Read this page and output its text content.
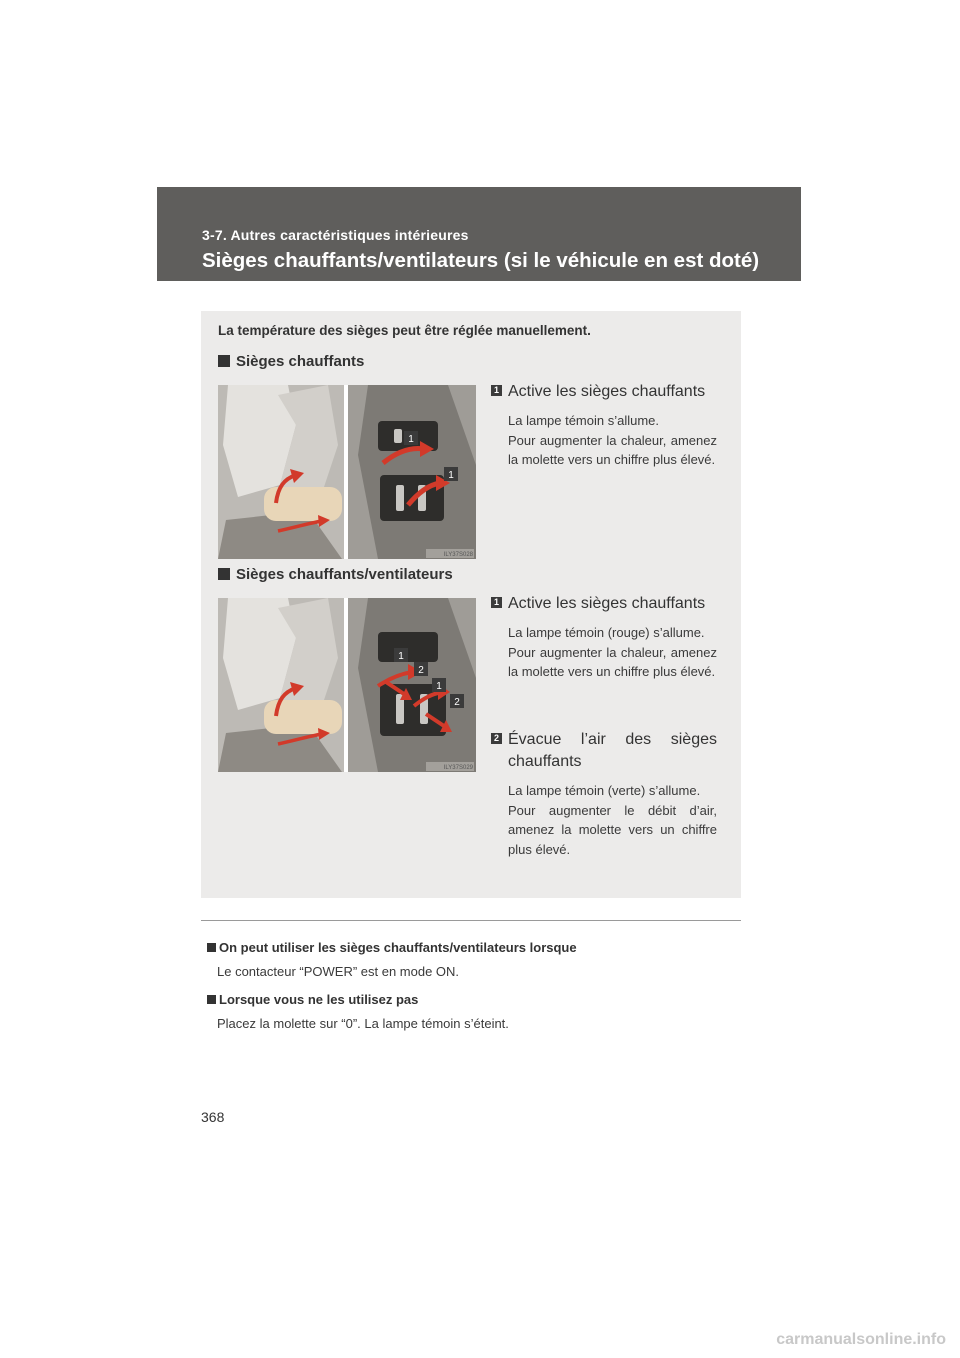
3-7. Autres caractéristiques intérieures
Sièges chauffants/ventilateurs (si le véhicule en est doté)
La température des sièges peut être réglée manuellement.
Sièges chauffants
1
1
ILY37S028
1 Active les sièges chauffants
La lampe témoin s’allume.
Pour augmenter la chaleur, amenez la molette vers un chiffre plus élevé.
Sièges chauffants/ventilateurs
1
2
1
2
ILY37S029
1 Active les sièges chauffants
La lampe témoin (rouge) s’allume.
Pour augmenter la chaleur, amenez la molette vers un chiffre plus élevé.
2 Évacue l’air des sièges chauffants
La lampe témoin (verte) s’allume.
Pour augmenter le débit d’air, amenez la molette vers un chiffre plus élevé.
On peut utiliser les sièges chauffants/ventilateurs lorsque
Le contacteur “POWER” est en mode ON.
Lorsque vous ne les utilisez pas
Placez la molette sur “0”. La lampe témoin s’éteint.
368
carmanualsonline.info
